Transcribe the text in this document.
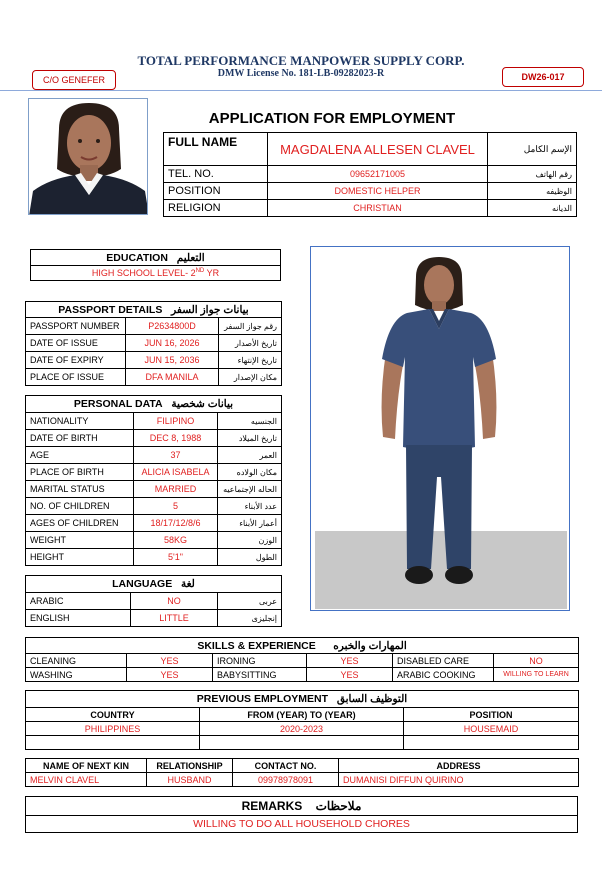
TOTAL PERFORMANCE MANPOWER SUPPLY CORP.
DMW License No. 181-LB-09282023-R
C/O GENEFER	DW26-017
APPLICATION FOR EMPLOYMENT
FULL NAME	MAGDALENA ALLESEN CLAVEL	الإسم الكامل
TEL. NO.	09652171005	رقم الهاتف
POSITION	DOMESTIC HELPER	الوظيفه
RELIGION	CHRISTIAN	الديانه
EDUCATION التعليم
HIGH SCHOOL LEVEL- 2ND YR
PASSPORT DETAILS بيانات جواز السفر		
PASSPORT NUMBER	P2634800D	رقم جواز السفر
DATE OF ISSUE	JUN 16, 2026	تاريخ الأصدار
DATE OF EXPIRY	JUN 15, 2036	تاريخ الإنتهاء
PLACE OF ISSUE	DFA MANILA	مكان الإصدار
PERSONAL DATA بيانات شخصية		
NATIONALITY	FILIPINO	الجنسيه
DATE OF BIRTH	DEC 8, 1988	تاريخ الميلاد
AGE	37	العمر
PLACE OF BIRTH	ALICIA ISABELA	مكان الولاده
MARITAL STATUS	MARRIED	الحاله الإجتماعيه
NO. OF CHILDREN	5	عدد الأبناء
AGES OF CHILDREN	18/17/12/8/6	أعمار الأبناء
WEIGHT	58KG	الوزن
HEIGHT	5'1"	الطول
LANGUAGE لغة		
ARABIC	NO	عربى
ENGLISH	LITTLE	إنجليزى
SKILLS & EXPERIENCE المهارات والخبره					
CLEANING	YES	IRONING	YES	DISABLED CARE	NO
WASHING	YES	BABYSITTING	YES	ARABIC COOKING	WILLING TO LEARN
PREVIOUS EMPLOYMENT التوظيف السابق		
COUNTRY	FROM (YEAR) TO (YEAR)	POSITION
PHILIPPINES	2020-2023	HOUSEMAID

NAME OF NEXT KIN	RELATIONSHIP	CONTACT NO.	ADDRESS
MELVIN CLAVEL	HUSBAND	09978978091	DUMANISI DIFFUN QUIRINO
REMARKS ملاحظات
WILLING TO DO ALL HOUSEHOLD CHORES
